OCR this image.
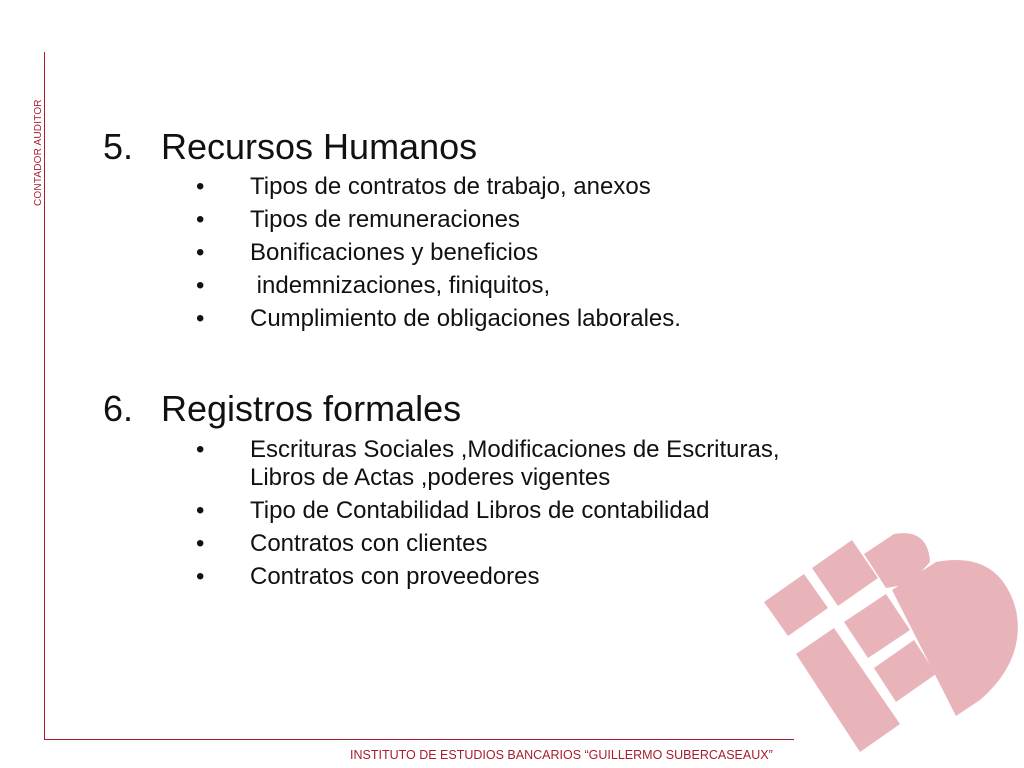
CONTADOR AUDITOR 5. Recursos Humanos
• Tipos de contratos de trabajo, anexos
• Tipos de remuneraciones
• Bonificaciones y beneficios
• indemnizaciones, finiquitos,
• Cumplimiento de obligaciones laborales.
6. Registros formales
• Escrituras Sociales ,Modificaciones de Escrituras,
Libros de Actas ,poderes vigentes
• Tipo de Contabilidad Libros de contabilidad
• Contratos con clientes
• Contratos con proveedores
INSTITUTO DE ESTUDIOS BANCARIOS “GUILLERMO SUBERCASEAUX”
